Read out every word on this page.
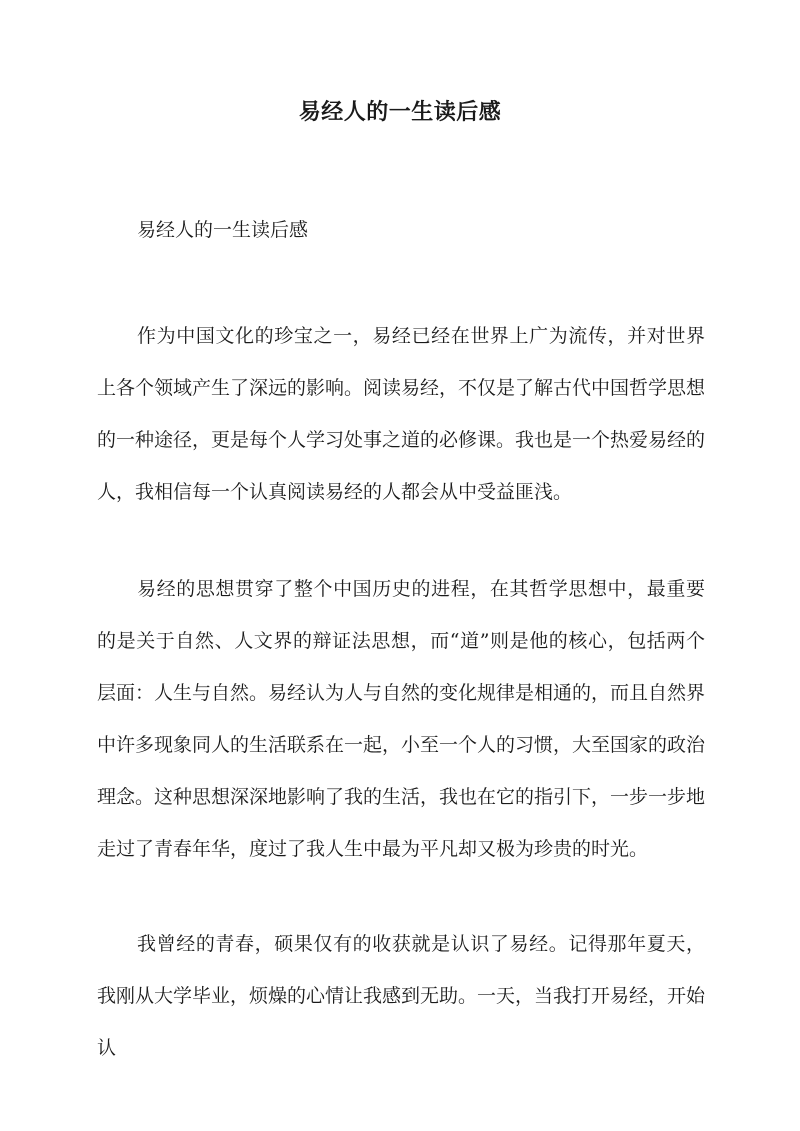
易经人的一生读后感
易经人的一生读后感

作为中国文化的珍宝之一，易经已经在世界上广为流传，并对世界上各个领域产生了深远的影响。阅读易经，不仅是了解古代中国哲学思想的一种途径，更是每个人学习处事之道的必修课。我也是一个热爱易经的人，我相信每一个认真阅读易经的人都会从中受益匪浅。

易经的思想贯穿了整个中国历史的进程，在其哲学思想中，最重要的是关于自然、人文界的辩证法思想，而“道”则是他的核心，包括两个层面：人生与自然。易经认为人与自然的变化规律是相通的，而且自然界中许多现象同人的生活联系在一起，小至一个人的习惯，大至国家的政治理念。这种思想深深地影响了我的生活，我也在它的指引下，一步一步地走过了青春年华，度过了我人生中最为平凡却又极为珍贵的时光。

我曾经的青春，硕果仅有的收获就是认识了易经。记得那年夏天，我刚从大学毕业，烦燥的心情让我感到无助。一天，当我打开易经，开始认
